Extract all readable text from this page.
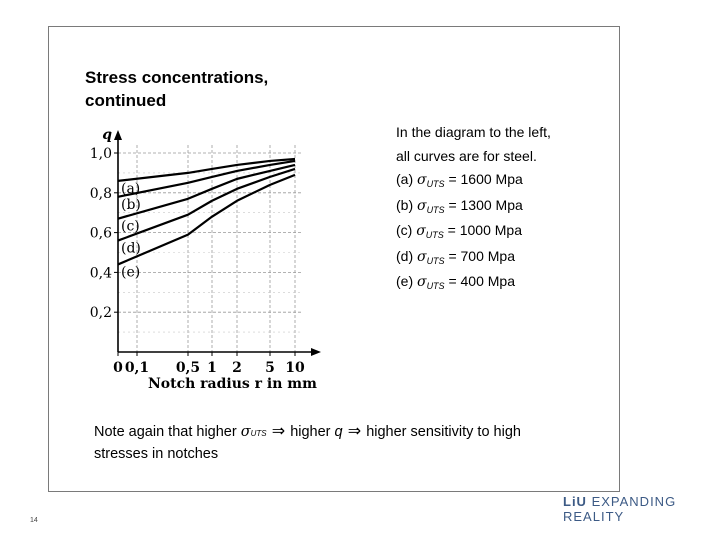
Stress concentrations,
continued
q
0,2
0,4
0,6
0,8
1,0
0 0,1 0,5 1 2 5 10
Notch radius r in mm
(a)
(b)
(c)
(d)
(e)
In the diagram to the left,
all curves are for steel.
(a) $\sigma_{UTS} = 1600$ Mpa
(b) $\sigma_{UTS} = 1300$ Mpa
(c) $\sigma_{UTS} = 1000$ Mpa
(d) $\sigma_{UTS} = 700$ Mpa
(e) $\sigma_{UTS} = 400$ Mpa
Note again that higher σUTS ⇒ higher q ⇒ higher sensitivity to high
stresses in notches
LiU EXPANDING REALITY
14
